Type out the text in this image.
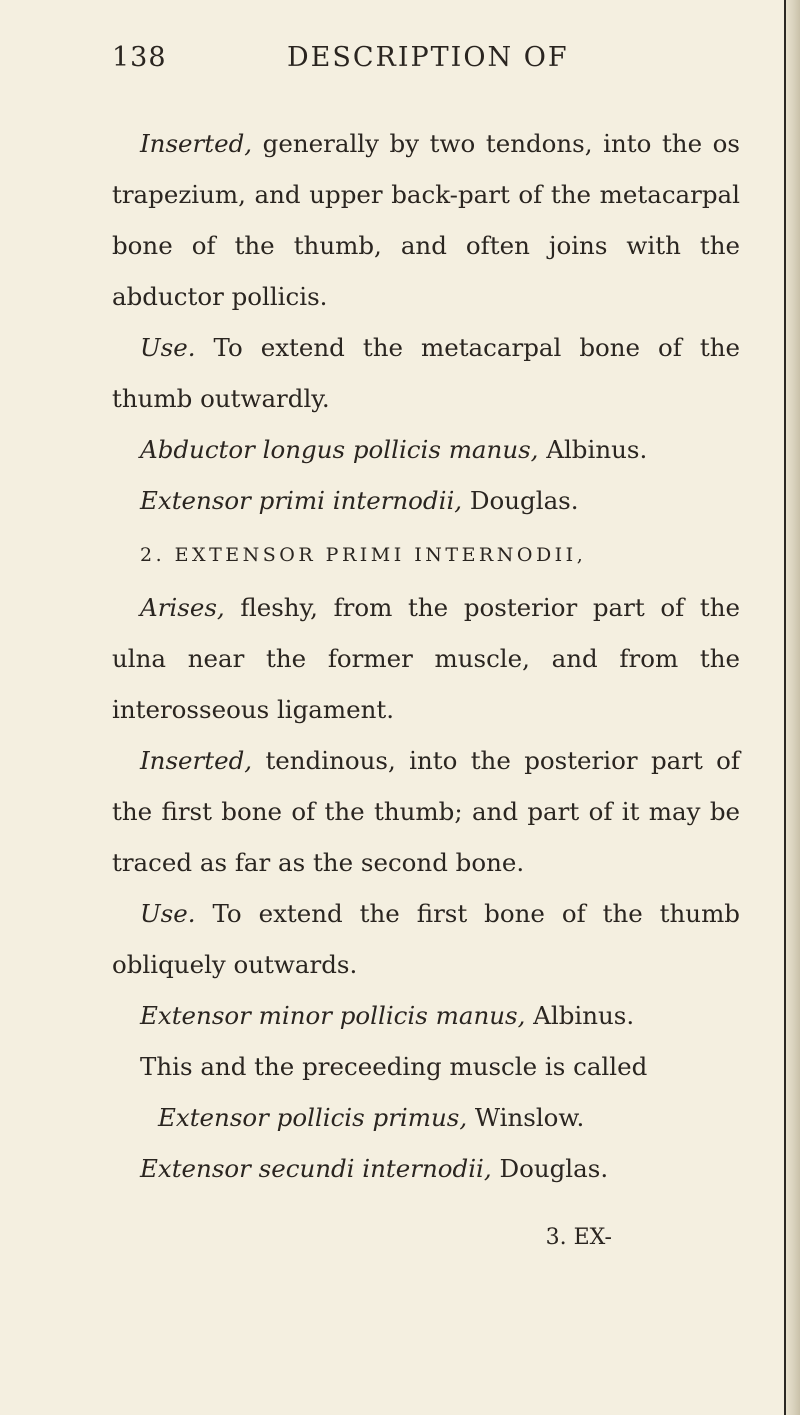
138	DESCRIPTION OF

Inserted, generally by two tendons, into the os trapezium, and upper back-part of the metacarpal bone of the thumb, and often joins with the abductor pollicis.

Use. To extend the metacarpal bone of the thumb outwardly.

Abductor longus pollicis manus, Albinus.

Extensor primi internodii, Douglas.

2. EXTENSOR PRIMI INTERNODII,

Arises, fleshy, from the posterior part of the ulna near the former muscle, and from the interosseous ligament.

Inserted, tendinous, into the posterior part of the first bone of the thumb; and part of it may be traced as far as the second bone.

Use. To extend the first bone of the thumb obliquely outwards.

Extensor minor pollicis manus, Albinus.

This and the preceeding muscle is called

Extensor pollicis primus, Winslow.

Extensor secundi internodii, Douglas.

3. EX-
